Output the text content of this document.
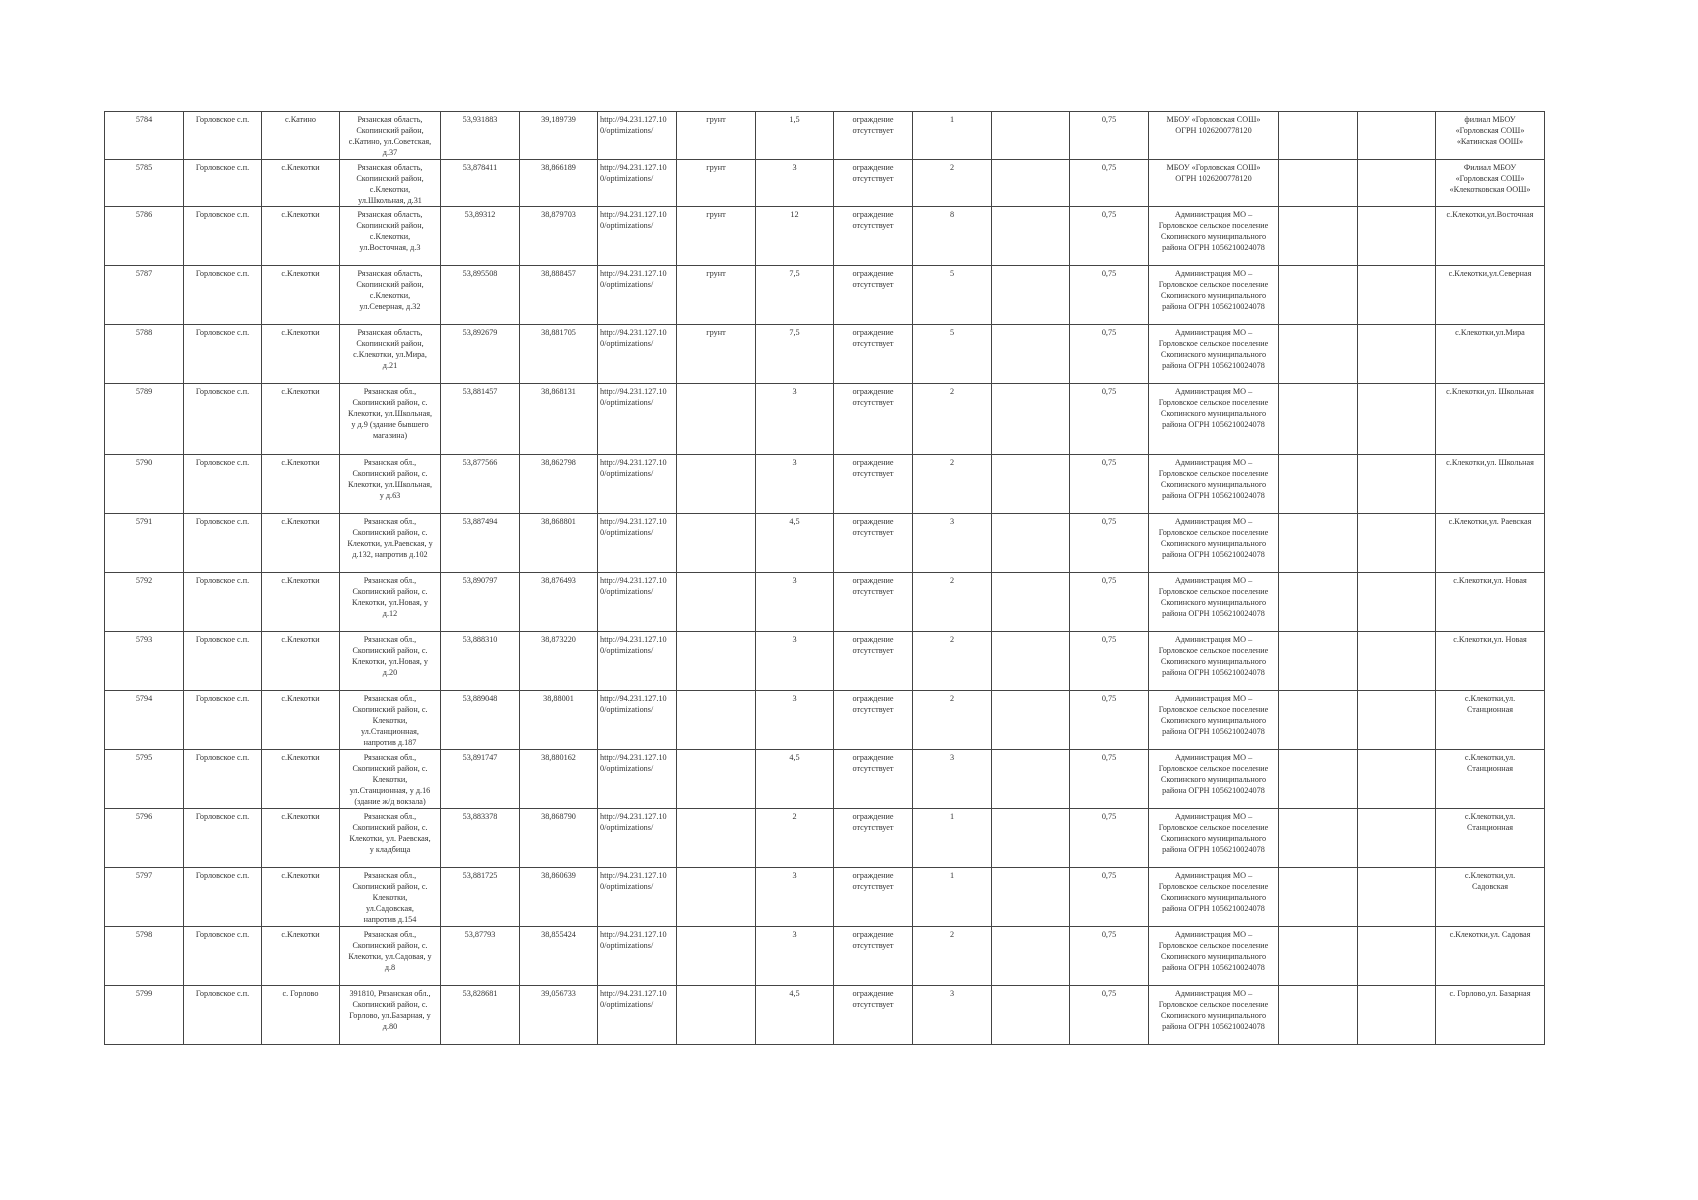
5784	Горловское с.п.	с.Катино	Рязанская область,
Скопинский район,
с.Катино, ул.Советская,
д.37	53,931883	39,189739	http://94.231.127.10
0/optimizations/	грунт	1,5	ограждение
отсутствует	1		0,75	МБОУ «Горловская СОШ»
ОГРН 1026200778120			филиал МБОУ
«Горловская СОШ»
«Катинская ООШ»
5785	Горловское с.п.	с.Клекотки	Рязанская область,
Скопинский район,
с.Клекотки,
ул.Школьная, д.31	53,878411	38,866189	http://94.231.127.10
0/optimizations/	грунт	3	ограждение
отсутствует	2		0,75	МБОУ «Горловская СОШ»
ОГРН 1026200778120			Филиал МБОУ
«Горловская СОШ»
«Клекотковская ООШ»
5786	Горловское с.п.	с.Клекотки	Рязанская область,
Скопинский район,
с.Клекотки,
ул.Восточная, д.3	53,89312	38,879703	http://94.231.127.10
0/optimizations/	грунт	12	ограждение
отсутствует	8		0,75	Администрация МО –
Горловское сельское поселение
Скопинского муниципального
района ОГРН 1056210024078			с.Клекотки,ул.Восточная
5787	Горловское с.п.	с.Клекотки	Рязанская область,
Скопинский район,
с.Клекотки,
ул.Северная, д.32	53,895508	38,888457	http://94.231.127.10
0/optimizations/	грунт	7,5	ограждение
отсутствует	5		0,75	Администрация МО –
Горловское сельское поселение
Скопинского муниципального
района ОГРН 1056210024078			с.Клекотки,ул.Северная
5788	Горловское с.п.	с.Клекотки	Рязанская область,
Скопинский район,
с.Клекотки, ул.Мира,
д.21	53,892679	38,881705	http://94.231.127.10
0/optimizations/	грунт	7,5	ограждение
отсутствует	5		0,75	Администрация МО –
Горловское сельское поселение
Скопинского муниципального
района ОГРН 1056210024078			с.Клекотки,ул.Мира
5789	Горловское с.п.	с.Клекотки	Рязанская обл.,
Скопинский район, с.
Клекотки, ул.Школьная,
у д.9 (здание бывшего
магазина)	53,881457	38,868131	http://94.231.127.10
0/optimizations/		3	ограждение
отсутствует	2		0,75	Администрация МО –
Горловское сельское поселение
Скопинского муниципального
района ОГРН 1056210024078			с.Клекотки,ул. Школьная
5790	Горловское с.п.	с.Клекотки	Рязанская обл.,
Скопинский район, с.
Клекотки, ул.Школьная,
у д.63	53,877566	38,862798	http://94.231.127.10
0/optimizations/		3	ограждение
отсутствует	2		0,75	Администрация МО –
Горловское сельское поселение
Скопинского муниципального
района ОГРН 1056210024078			с.Клекотки,ул. Школьная
5791	Горловское с.п.	с.Клекотки	Рязанская обл.,
Скопинский район, с.
Клекотки, ул.Раевская, у
д.132, напротив д.102	53,887494	38,868801	http://94.231.127.10
0/optimizations/		4,5	ограждение
отсутствует	3		0,75	Администрация МО –
Горловское сельское поселение
Скопинского муниципального
района ОГРН 1056210024078			с.Клекотки,ул. Раевская
5792	Горловское с.п.	с.Клекотки	Рязанская обл.,
Скопинский район, с.
Клекотки, ул.Новая, у
д.12	53,890797	38,876493	http://94.231.127.10
0/optimizations/		3	ограждение
отсутствует	2		0,75	Администрация МО –
Горловское сельское поселение
Скопинского муниципального
района ОГРН 1056210024078			с.Клекотки,ул. Новая
5793	Горловское с.п.	с.Клекотки	Рязанская обл.,
Скопинский район, с.
Клекотки, ул.Новая, у
д.20	53,888310	38,873220	http://94.231.127.10
0/optimizations/		3	ограждение
отсутствует	2		0,75	Администрация МО –
Горловское сельское поселение
Скопинского муниципального
района ОГРН 1056210024078			с.Клекотки,ул. Новая
5794	Горловское с.п.	с.Клекотки	Рязанская обл.,
Скопинский район, с.
Клекотки,
ул.Станционная,
напротив д.187	53,889048	38,88001	http://94.231.127.10
0/optimizations/		3	ограждение
отсутствует	2		0,75	Администрация МО –
Горловское сельское поселение
Скопинского муниципального
района ОГРН 1056210024078			с.Клекотки,ул.
Станционная
5795	Горловское с.п.	с.Клекотки	Рязанская обл.,
Скопинский район, с.
Клекотки,
ул.Станционная, у д.16
(здание ж/д вокзала)	53,891747	38,880162	http://94.231.127.10
0/optimizations/		4,5	ограждение
отсутствует	3		0,75	Администрация МО –
Горловское сельское поселение
Скопинского муниципального
района ОГРН 1056210024078			с.Клекотки,ул.
Станционная
5796	Горловское с.п.	с.Клекотки	Рязанская обл.,
Скопинский район, с.
Клекотки, ул. Раевская,
у кладбища	53,883378	38,868790	http://94.231.127.10
0/optimizations/		2	ограждение
отсутствует	1		0,75	Администрация МО –
Горловское сельское поселение
Скопинского муниципального
района ОГРН 1056210024078			с.Клекотки,ул.
Станционная
5797	Горловское с.п.	с.Клекотки	Рязанская обл.,
Скопинский район, с.
Клекотки,
ул.Садовская,
напротив д.154	53,881725	38,860639	http://94.231.127.10
0/optimizations/		3	ограждение
отсутствует	1		0,75	Администрация МО –
Горловское сельское поселение
Скопинского муниципального
района ОГРН 1056210024078			с.Клекотки,ул.
Садовская
5798	Горловское с.п.	с.Клекотки	Рязанская обл.,
Скопинский район, с.
Клекотки, ул.Садовая, у
д.8	53,87793	38,855424	http://94.231.127.10
0/optimizations/		3	ограждение
отсутствует	2		0,75	Администрация МО –
Горловское сельское поселение
Скопинского муниципального
района ОГРН 1056210024078			с.Клекотки,ул. Садовая
5799	Горловское с.п.	с. Горлово	391810, Рязанская обл.,
Скопинский район, с.
Горлово, ул.Базарная, у
д.80	53,828681	39,056733	http://94.231.127.10
0/optimizations/		4,5	ограждение
отсутствует	3		0,75	Администрация МО –
Горловское сельское поселение
Скопинского муниципального
района ОГРН 1056210024078			с. Горлово,ул. Базарная
